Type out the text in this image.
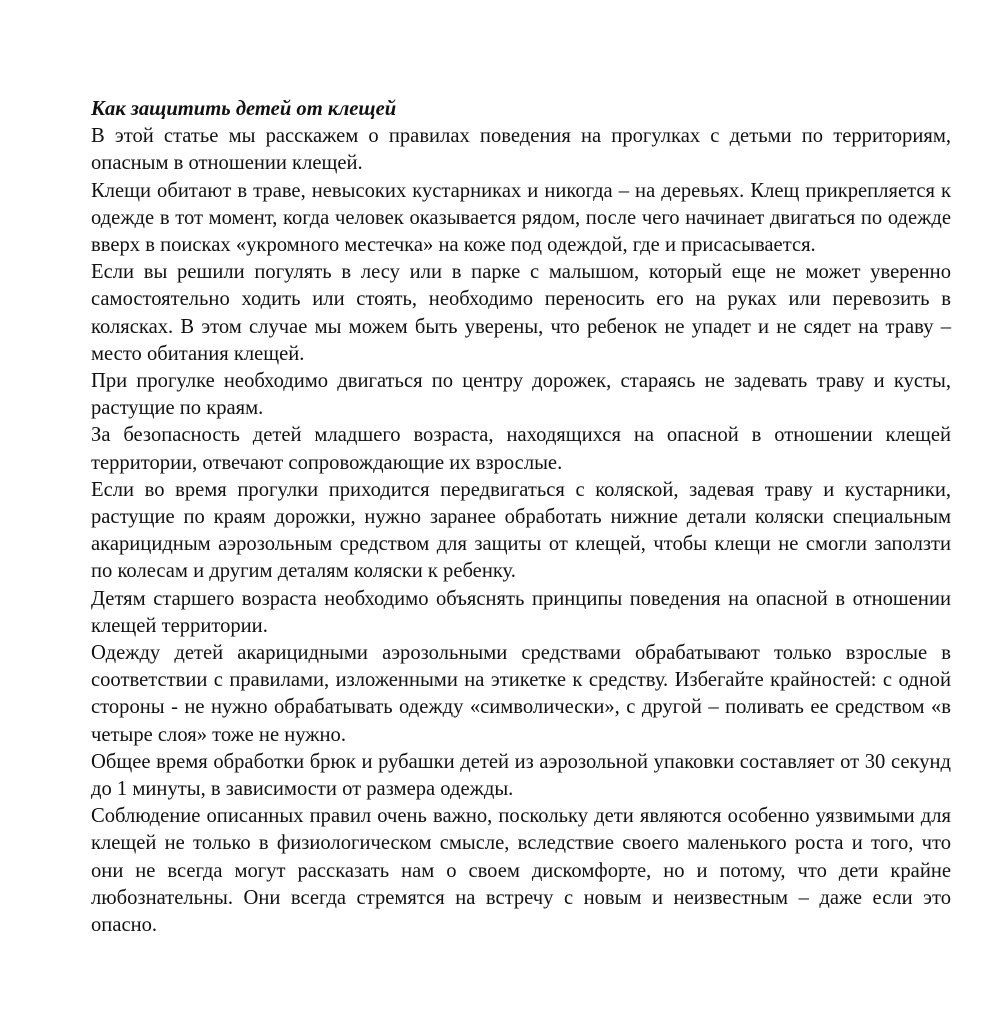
Как защитить детей от клещей

В этой статье мы расскажем о правилах поведения на прогулках с детьми по территориям, опасным в отношении клещей.

Клещи обитают в траве, невысоких кустарниках и никогда – на деревьях. Клещ прикрепляется к одежде в тот момент, когда человек оказывается рядом, после чего начинает двигаться по одежде вверх в поисках «укромного местечка» на коже под одеждой, где и присасывается.

Если вы решили погулять в лесу или в парке с малышом, который еще не может уверенно самостоятельно ходить или стоять, необходимо переносить его на руках или перевозить в колясках. В этом случае мы можем быть уверены, что ребенок не упадет и не сядет на траву – место обитания клещей.

При прогулке необходимо двигаться по центру дорожек, стараясь не задевать траву и кусты, растущие по краям.

За безопасность детей младшего возраста, находящихся на опасной в отношении клещей территории, отвечают сопровождающие их взрослые.

Если во время прогулки приходится передвигаться с коляской, задевая траву и кустарники, растущие по краям дорожки, нужно заранее обработать нижние детали коляски специальным акарицидным аэрозольным средством для защиты от клещей, чтобы клещи не смогли заползти по колесам и другим деталям коляски к ребенку.

Детям старшего возраста необходимо объяснять принципы поведения на опасной в отношении клещей территории.

Одежду детей акарицидными аэрозольными средствами обрабатывают только взрослые в соответствии с правилами, изложенными на этикетке к средству. Избегайте крайностей: с одной стороны - не нужно обрабатывать одежду «символически», с другой – поливать ее средством «в четыре слоя» тоже не нужно.

Общее время обработки брюк и рубашки детей из аэрозольной упаковки составляет от 30 секунд до 1 минуты, в зависимости от размера одежды.

Соблюдение описанных правил очень важно, поскольку дети являются особенно уязвимыми для клещей не только в физиологическом смысле, вследствие своего маленького роста и того, что они не всегда могут рассказать нам о своем дискомфорте, но и потому, что дети крайне любознательны. Они всегда стремятся на встречу с новым и неизвестным – даже если это опасно.
